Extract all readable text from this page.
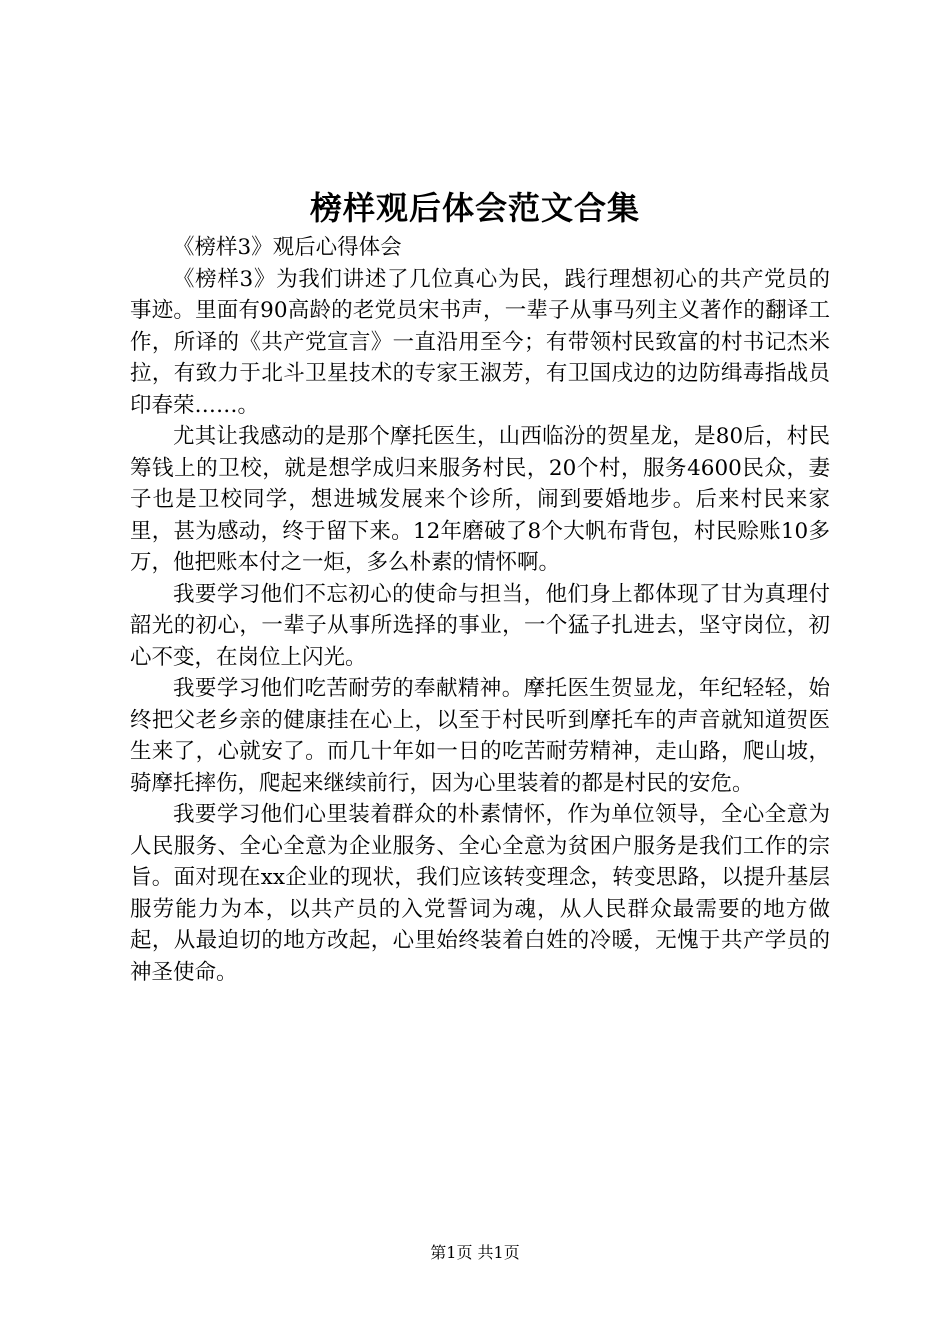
榜样观后体会范文合集

《榜样3》观后心得体会

《榜样3》为我们讲述了几位真心为民，践行理想初心的共产党员的事迹。里面有90高龄的老党员宋书声，一辈子从事马列主义著作的翻译工作，所译的《共产党宣言》一直沿用至今；有带领村民致富的村书记杰米拉，有致力于北斗卫星技术的专家王淑芳，有卫国戌边的边防缉毒指战员印春荣……。

尤其让我感动的是那个摩托医生，山西临汾的贺星龙，是80后，村民筹钱上的卫校，就是想学成归来服务村民，20个村，服务4600民众，妻子也是卫校同学，想进城发展来个诊所，闹到要婚地步。后来村民来家里，甚为感动，终于留下来。12年磨破了8个大帆布背包，村民赊账10多万，他把账本付之一炬，多么朴素的情怀啊。

我要学习他们不忘初心的使命与担当，他们身上都体现了甘为真理付韶光的初心，一辈子从事所选择的事业，一个猛子扎进去，坚守岗位，初心不变，在岗位上闪光。

我要学习他们吃苦耐劳的奉献精神。摩托医生贺显龙，年纪轻轻，始终把父老乡亲的健康挂在心上，以至于村民听到摩托车的声音就知道贺医生来了，心就安了。而几十年如一日的吃苦耐劳精神，走山路，爬山坡，骑摩托摔伤，爬起来继续前行，因为心里装着的都是村民的安危。

我要学习他们心里装着群众的朴素情怀，作为单位领导，全心全意为人民服务、全心全意为企业服务、全心全意为贫困户服务是我们工作的宗旨。面对现在xx企业的现状，我们应该转变理念，转变思路，以提升基层服劳能力为本，以共产员的入党誓词为魂，从人民群众最需要的地方做起，从最迫切的地方改起，心里始终装着白姓的冷暖，无愧于共产学员的神圣使命。

第1页 共1页
